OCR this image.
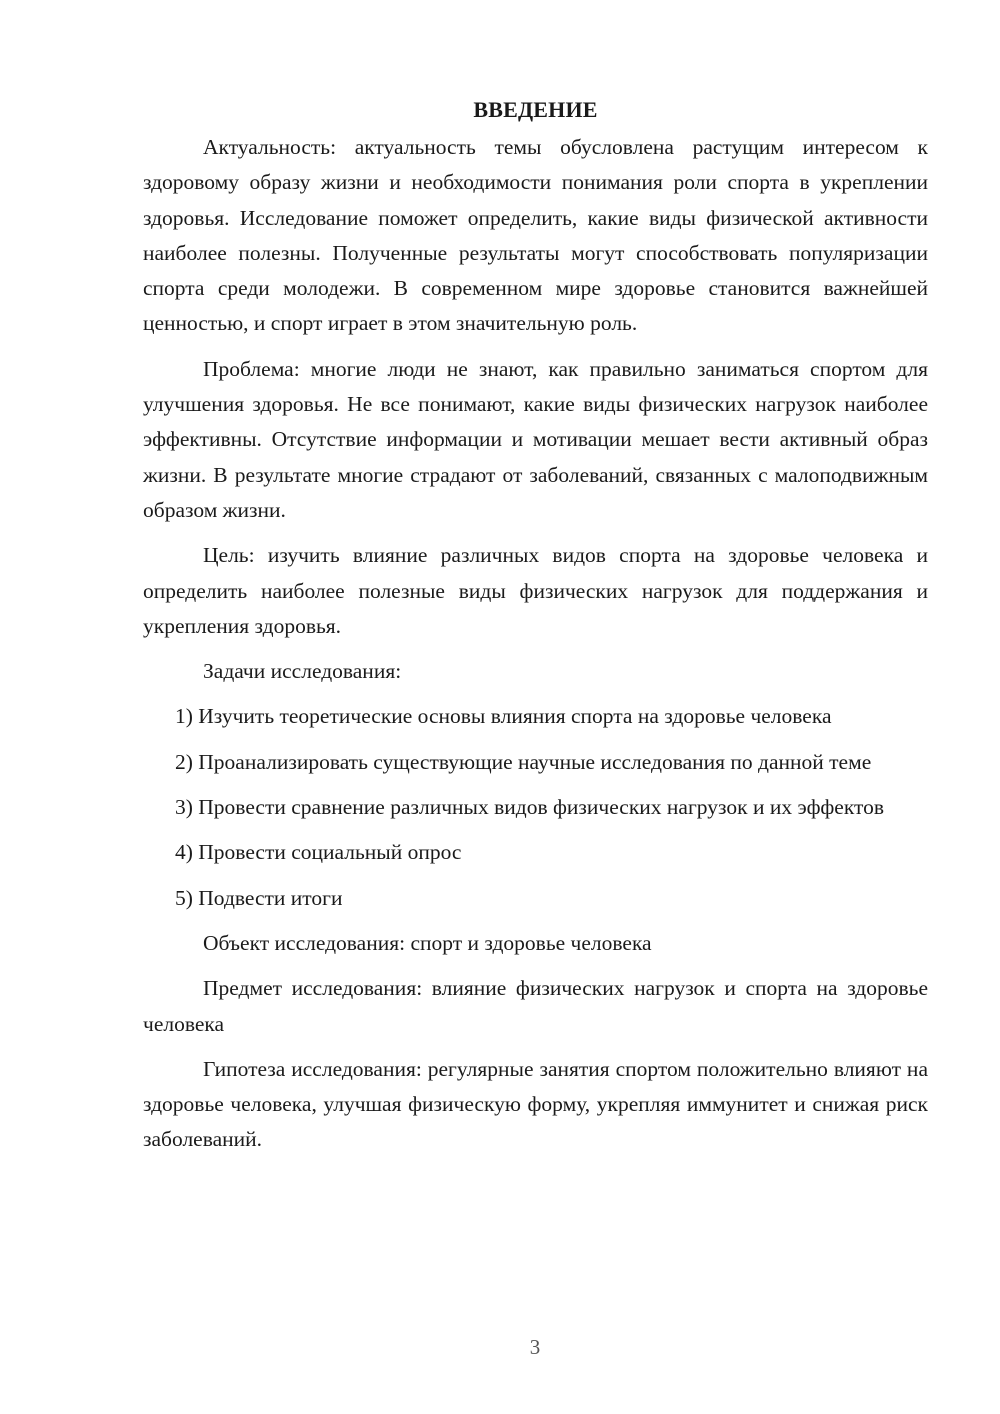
ВВЕДЕНИЕ

Актуальность: актуальность темы обусловлена растущим интересом к здоровому образу жизни и необходимости понимания роли спорта в укреплении здоровья. Исследование поможет определить, какие виды физической активности наиболее полезны. Полученные результаты могут способствовать популяризации спорта среди молодежи. В современном мире здоровье становится важнейшей ценностью, и спорт играет в этом значительную роль.

Проблема: многие люди не знают, как правильно заниматься спортом для улучшения здоровья. Не все понимают, какие виды физических нагрузок наиболее эффективны. Отсутствие информации и мотивации мешает вести активный образ жизни. В результате многие страдают от заболеваний, связанных с малоподвижным образом жизни.

Цель: изучить влияние различных видов спорта на здоровье человека и определить наиболее полезные виды физических нагрузок для поддержания и укрепления здоровья.

Задачи исследования:

1) Изучить теоретические основы влияния спорта на здоровье человека

2) Проанализировать существующие научные исследования по данной теме

3) Провести сравнение различных видов физических нагрузок и их эффектов

4) Провести социальный опрос

5) Подвести итоги

Объект исследования: спорт и здоровье человека

Предмет исследования: влияние физических нагрузок и спорта на здоровье человека

Гипотеза исследования: регулярные занятия спортом положительно влияют на здоровье человека, улучшая физическую форму, укрепляя иммунитет и снижая риск заболеваний.

3
